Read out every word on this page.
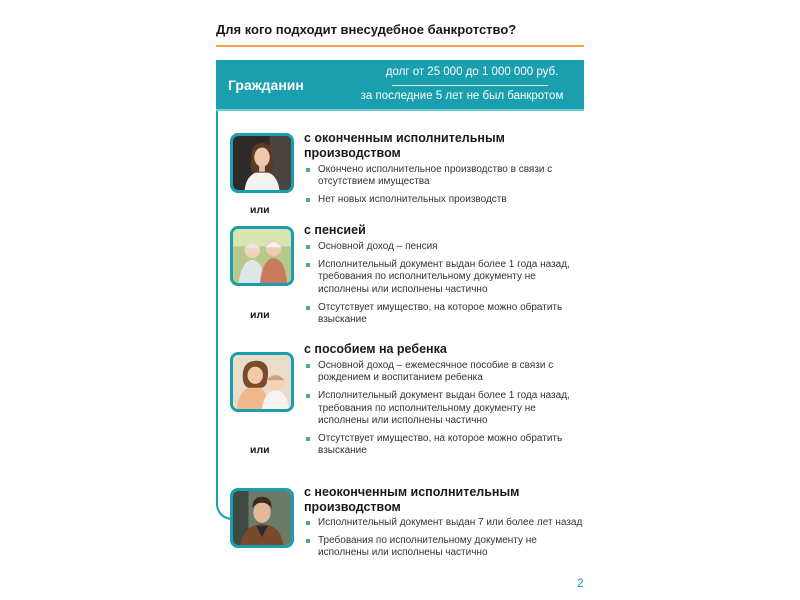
Для кого подходит внесудебное банкротство?
Гражданин
долг от 25 000 до 1 000 000 руб.
за последние 5 лет не был банкротом
с оконченным исполнительным производством
Окончено исполнительное производство в связи с отсутствием имущества
Нет новых исполнительных производств
или
с пенсией
Основной доход – пенсия
Исполнительный документ выдан более 1 года назад, требования по исполнительному документу не исполнены или исполнены частично
Отсутствует имущество, на которое можно обратить взыскание
или
с пособием на ребенка
Основной доход – ежемесячное пособие в связи с рождением и воспитанием ребенка
Исполнительный документ выдан более 1 года назад, требования по исполнительному документу не исполнены или исполнены частично
Отсутствует имущество, на которое можно обратить взыскание
или
с неоконченным исполнительным производством
Исполнительный документ выдан 7 или более лет назад
Требования по исполнительному документу не исполнены или исполнены частично
2
